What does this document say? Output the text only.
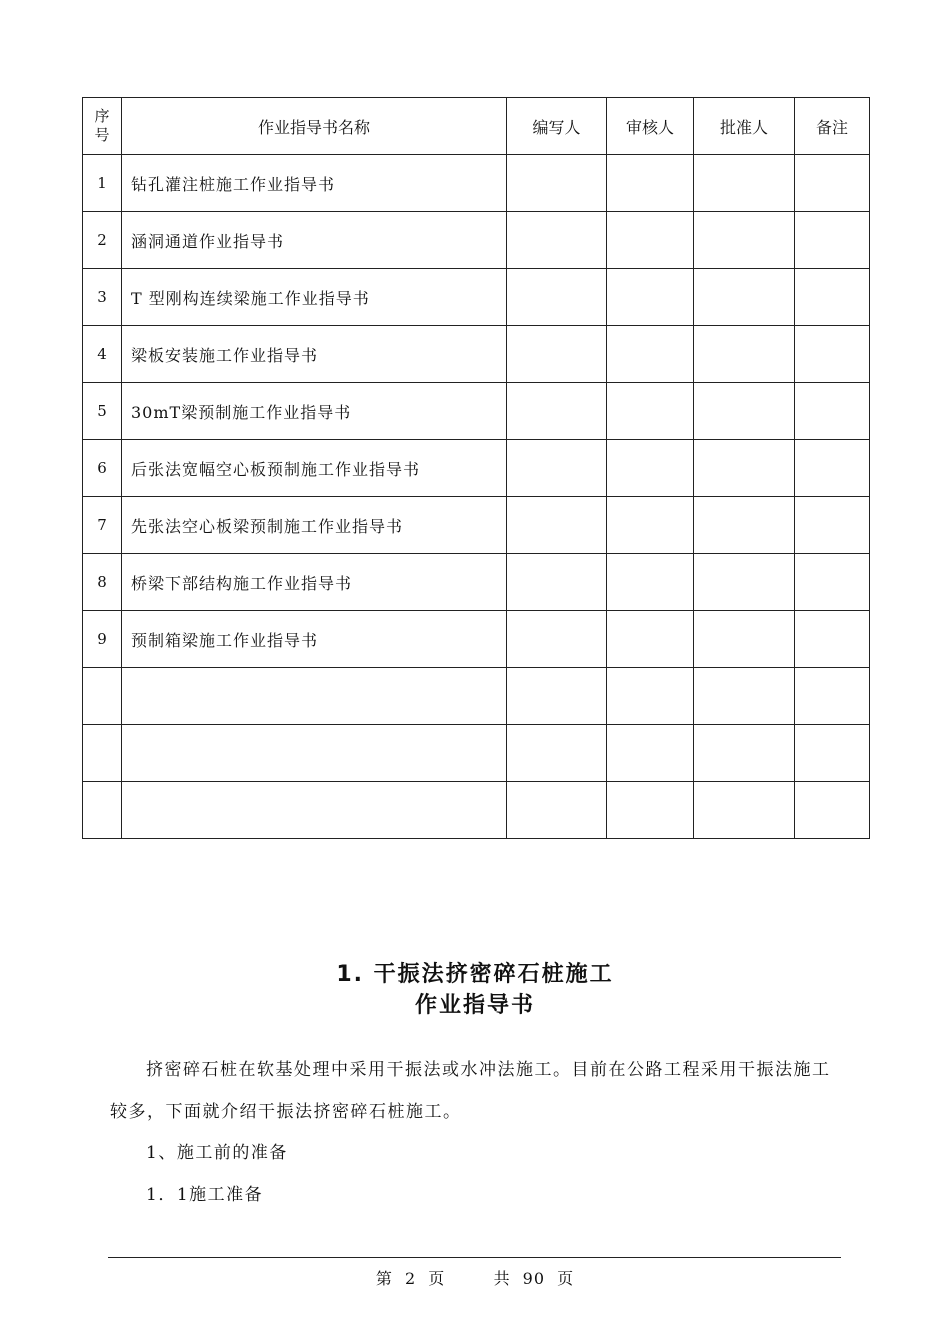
序号	作业指导书名称	编写人	审核人	批准人	备注
1	钻孔灌注桩施工作业指导书				
2	涵洞通道作业指导书				
3	T 型刚构连续梁施工作业指导书				
4	梁板安装施工作业指导书				
5	30mT梁预制施工作业指导书				
6	后张法宽幅空心板预制施工作业指导书				
7	先张法空心板梁预制施工作业指导书				
8	桥梁下部结构施工作业指导书				
9	预制箱梁施工作业指导书				

1. 干振法挤密碎石桩施工
作业指导书

挤密碎石桩在软基处理中采用干振法或水冲法施工。目前在公路工程采用干振法施工较多，下面就介绍干振法挤密碎石桩施工。

1、施工前的准备
1．1施工准备
第 2 页    共 90 页
